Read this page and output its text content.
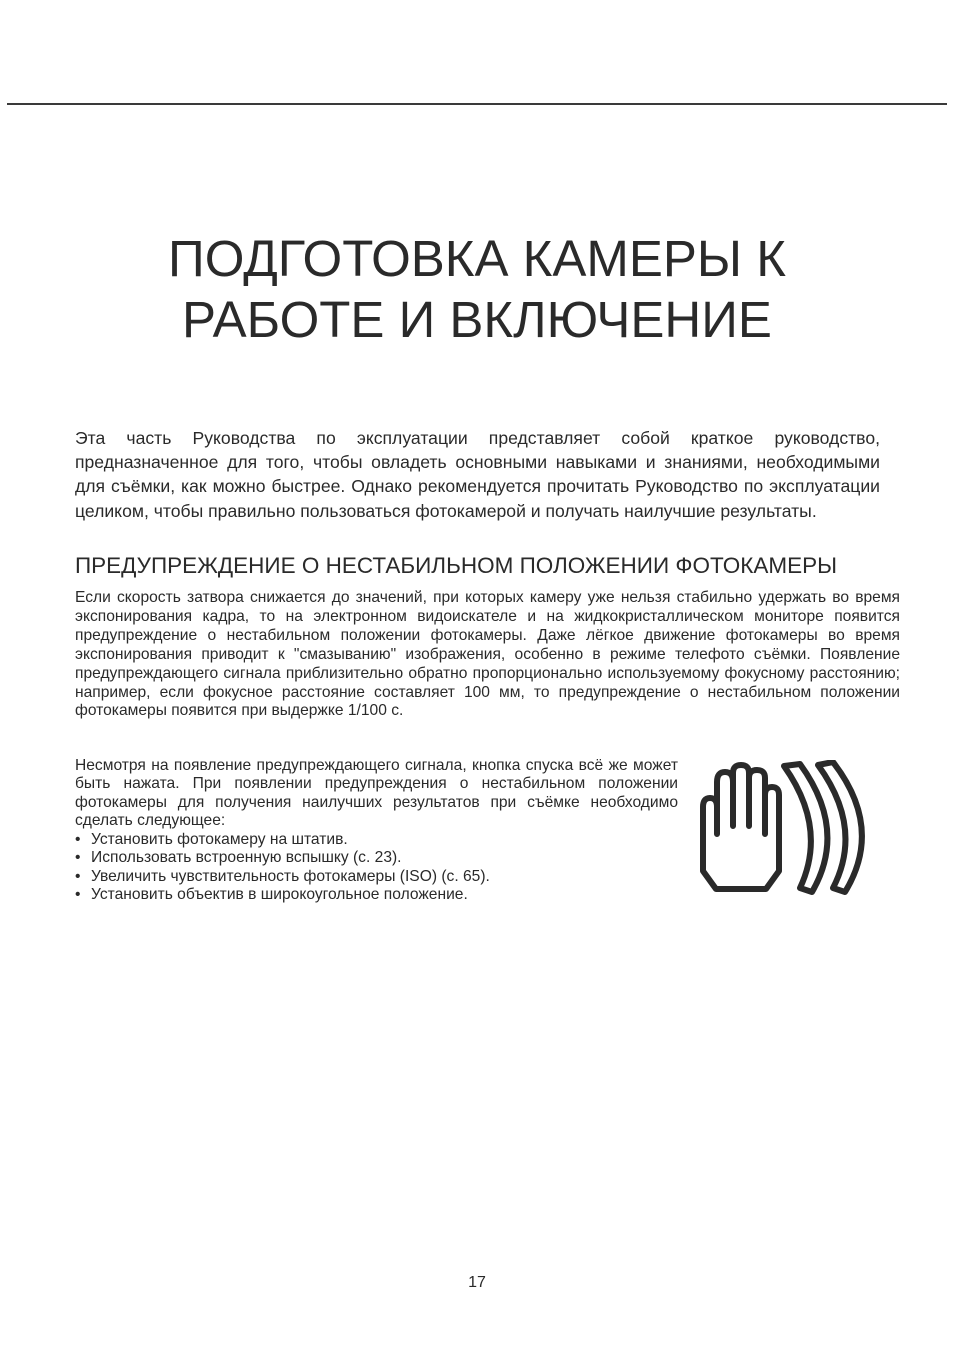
ПОДГОТОВКА КАМЕРЫ К
РАБОТЕ И ВКЛЮЧЕНИЕ

Эта часть Руководства по эксплуатации представляет собой краткое руководство, предназначенное для того, чтобы овладеть основными навыками и знаниями, необходимыми для съёмки, как можно быстрее. Однако рекомендуется прочитать Руководство по эксплуатации целиком, чтобы правильно пользоваться фотокамерой и получать наилучшие результаты.

ПРЕДУПРЕЖДЕНИЕ О НЕСТАБИЛЬНОМ ПОЛОЖЕНИИ ФОТОКАМЕРЫ

Если скорость затвора снижается до значений, при которых камеру уже нельзя стабильно удержать во время экспонирования кадра, то на электронном видоискателе и на жидкокристаллическом мониторе появится предупреждение о нестабильном положении фотокамеры. Даже лёгкое движение фотокамеры во время экспонирования приводит к "смазыванию" изображения, особенно в режиме телефото съёмки. Появление предупреждающего сигнала приблизительно обратно пропорционально используемому фокусному расстоянию; например, если фокусное расстояние составляет 100 мм, то предупреждение о нестабильном положении фотокамеры появится при выдержке 1/100 с.

Несмотря на появление предупреждающего сигнала, кнопка спуска всё же может быть нажата. При появлении предупреждения о нестабильном положении фотокамеры для получения наилучших результатов при съёмке необходимо сделать следующее:

• Установить фотокамеру на штатив.
• Использовать встроенную вспышку (с. 23).
• Увеличить чувствительность фотокамеры (ISO) (с. 65).
• Установить объектив в широкоугольное положение.
17
